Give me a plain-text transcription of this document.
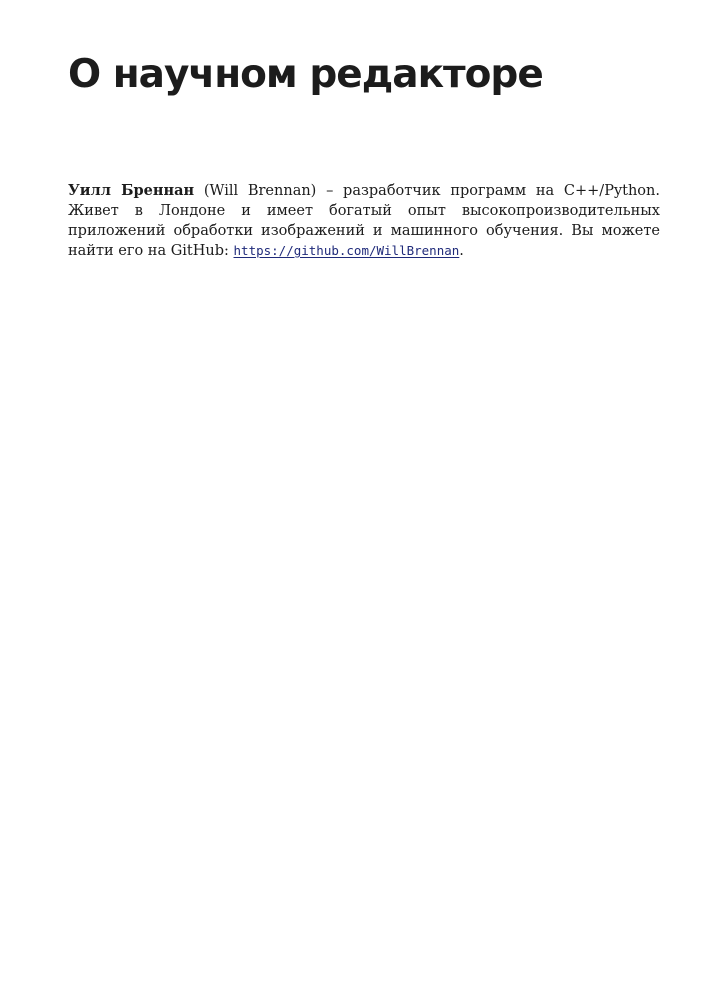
О научном редакторе

Уилл Бреннан (Will Brennan) – разработчик программ на C++/Python. Живет в Лондоне и имеет богатый опыт высокопроизводительных приложений обработки изображений и машинного обучения. Вы можете найти его на GitHub: https://github.com/WillBrennan.
